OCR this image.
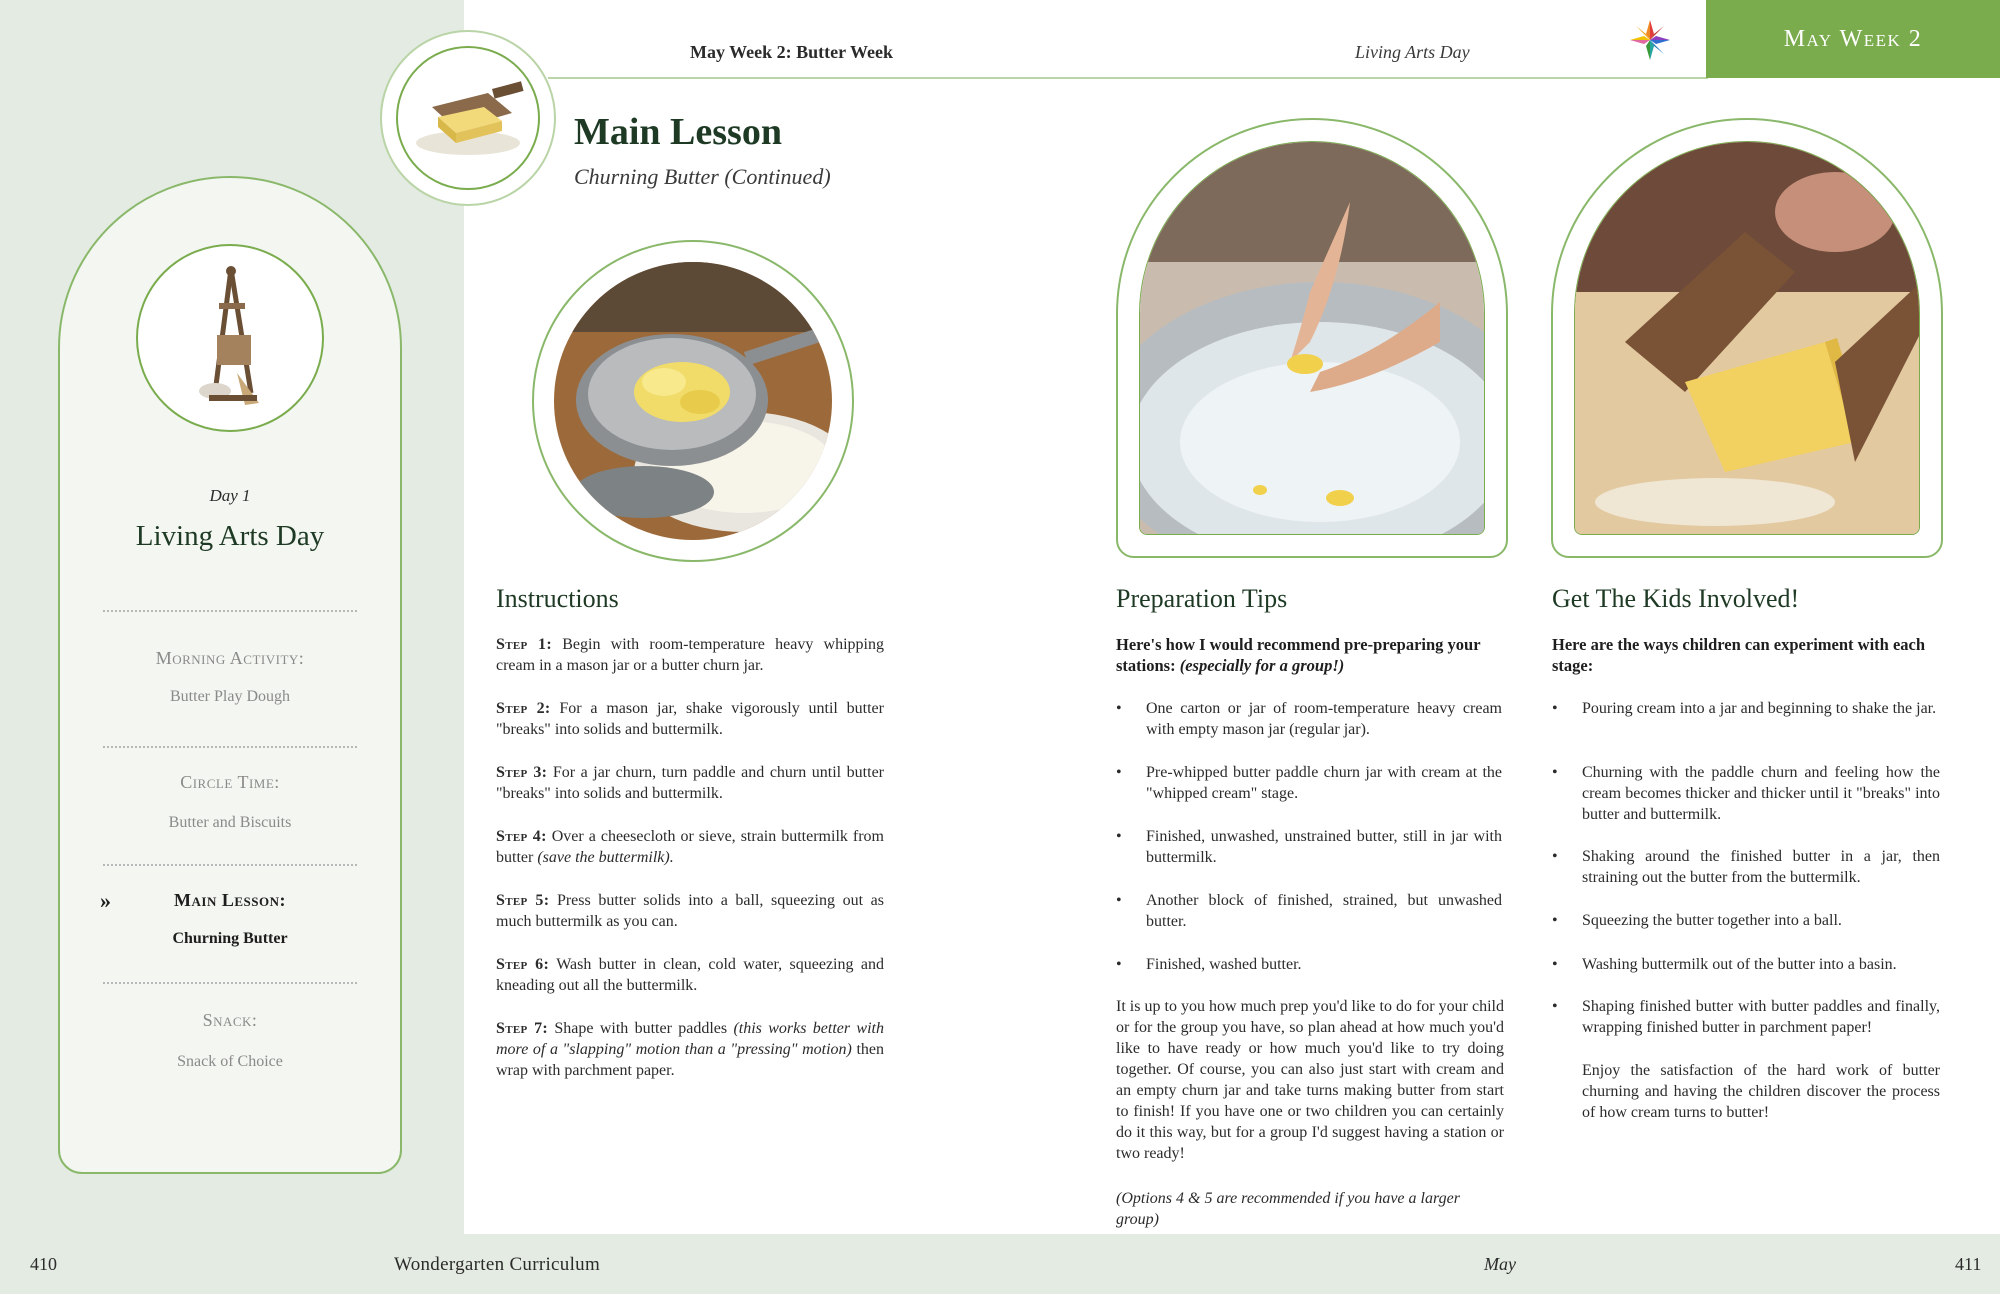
410	Wondergarten Curriculum	May	411
May Week 2: Butter Week	Living Arts Day
May Week 2
Main Lesson
Churning Butter (Continued)
Day 1
Living Arts Day
Morning Activity:
Butter Play Dough
Circle Time:
Butter and Biscuits
»	Main Lesson:
Churning Butter
Snack:
Snack of Choice
Instructions
Step 1: Begin with room-temperature heavy whipping cream in a mason jar or a butter churn jar.
Step 2: For a mason jar, shake vigorously until butter "breaks" into solids and buttermilk.
Step 3: For a jar churn, turn paddle and churn until butter "breaks" into solids and buttermilk.
Step 4: Over a cheesecloth or sieve, strain buttermilk from butter (save the buttermilk).
Step 5: Press butter solids into a ball, squeezing out as much buttermilk as you can.
Step 6: Wash butter in clean, cold water, squeezing and kneading out all the buttermilk.
Step 7: Shape with butter paddles (this works better with more of a "slapping" motion than a "pressing" motion) then wrap with parchment paper.
Preparation Tips
Here's how I would recommend pre-preparing your stations: (especially for a group!)
• One carton or jar of room-temperature heavy cream with empty mason jar (regular jar).
• Pre-whipped butter paddle churn jar with cream at the "whipped cream" stage.
• Finished, unwashed, unstrained butter, still in jar with buttermilk.
• Another block of finished, strained, but unwashed butter.
• Finished, washed butter.
It is up to you how much prep you'd like to do for your child or for the group you have, so plan ahead at how much you'd like to have ready or how much you'd like to try doing together. Of course, you can also just start with cream and an empty churn jar and take turns making butter from start to finish! If you have one or two children you can certainly do it this way, but for a group I'd suggest having a station or two ready!
(Options 4 & 5 are recommended if you have a larger group)
Get The Kids Involved!
Here are the ways children can experiment with each stage:
• Pouring cream into a jar and beginning to shake the jar.
• Churning with the paddle churn and feeling how the cream becomes thicker and thicker until it "breaks" into butter and buttermilk.
• Shaking around the finished butter in a jar, then straining out the butter from the buttermilk.
• Squeezing the butter together into a ball.
• Washing buttermilk out of the butter into a basin.
• Shaping finished butter with butter paddles and finally, wrapping finished butter in parchment paper!
Enjoy the satisfaction of the hard work of butter churning and having the children discover the process of how cream turns to butter!
